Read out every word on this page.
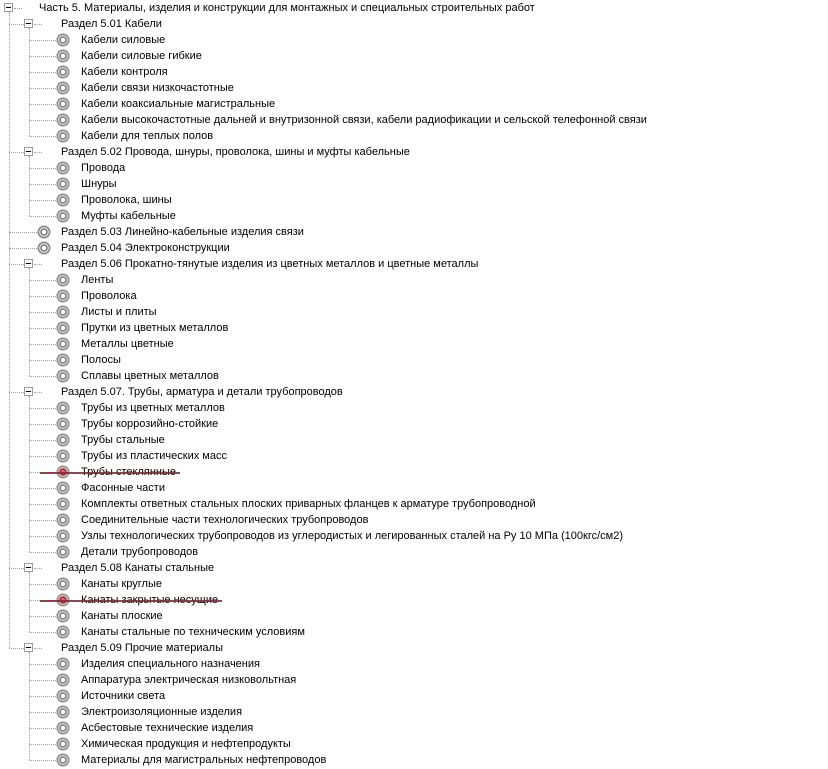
Часть 5. Материалы, изделия и конструкции для монтажных и специальных строительных работ
Раздел 5.01 Кабели
Кабели силовые
Кабели силовые гибкие
Кабели контроля
Кабели связи низкочастотные
Кабели коаксиальные магистральные
Кабели высокочастотные дальней и внутризонной связи, кабели радиофикации и сельской телефонной связи
Кабели для теплых полов
Раздел 5.02 Провода, шнуры, проволока, шины и муфты кабельные
Провода
Шнуры
Проволока, шины
Муфты кабельные
Раздел 5.03 Линейно-кабельные изделия связи
Раздел 5.04 Электроконструкции
Раздел 5.06 Прокатно-тянутые изделия из цветных металлов и цветные металлы
Ленты
Проволока
Листы и плиты
Прутки из цветных металлов
Металлы цветные
Полосы
Сплавы цветных металлов
Раздел 5.07. Трубы, арматура и детали трубопроводов
Трубы из цветных металлов
Трубы коррозийно-стойкие
Трубы стальные
Трубы из пластических масс
Фасонные части
Комплекты ответных стальных плоских приварных фланцев к арматуре трубопроводной
Соединительные части технологических трубопроводов
Узлы технологических трубопроводов из углеродистых и легированных сталей на Ру 10 МПа (100кгс/см2)
Детали трубопроводов
Раздел 5.08 Канаты стальные
Канаты круглые
Канаты плоские
Канаты стальные по техническим условиям
Раздел 5.09 Прочие материалы
Изделия специального назначения
Аппаратура электрическая низковольтная
Источники света
Электроизоляционные изделия
Асбестовые технические изделия
Химическая продукция и нефтепродукты
Материалы для магистральных нефтепроводов
